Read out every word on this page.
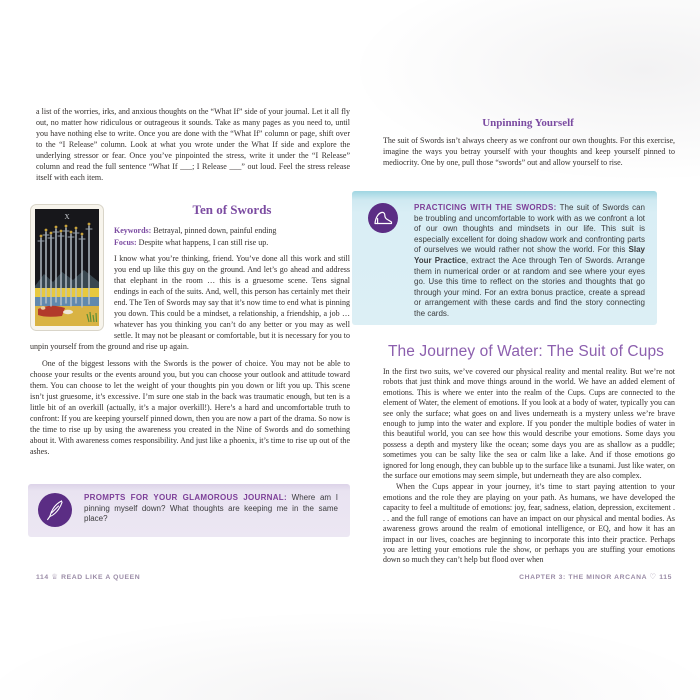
a list of the worries, irks, and anxious thoughts on the “What If” side of your journal. Let it all fly out, no matter how ridiculous or outrageous it sounds. Take as many pages as you need to, until you have nothing else to write. Once you are done with the “What If” column or page, shift over to the “I Release” column. Look at what you wrote under the What If side and explore the underlying stressor or fear. Once you’ve pinpointed the stress, write it under the “I Release” column and read the full sentence “What If ___; I Release ___” out loud. Feel the stress release itself with each item.

X	Ten of Swords

Keywords: Betrayal, pinned down, painful ending

Focus: Despite what happens, I can still rise up.

I know what you’re thinking, friend. You’ve done all this work and still you end up like this guy on the ground. And let’s go ahead and address that elephant in the room … this is a gruesome scene. Tens signal endings in each of the suits. And, well, this person has certainly met their end. The Ten of Swords may say that it’s now time to end what is pinning you down. This could be a mindset, a relationship, a friendship, a job … whatever has you thinking you can’t do any better or you may as well settle. It may not be pleasant or comfortable, but it is necessary for you to unpin yourself from the ground and rise up again.

One of the biggest lessons with the Swords is the power of choice. You may not be able to choose your results or the events around you, but you can choose your outlook and attitude toward them. You can choose to let the weight of your thoughts pin you down or lift you up. This scene isn’t just gruesome, it’s excessive. I’m sure one stab in the back was traumatic enough, but ten is a little bit of an overkill (actually, it’s a major overkill!). Here’s a hard and uncomfortable truth to confront: If you are keeping yourself pinned down, then you are now a part of the drama. So now is the time to rise up by using the awareness you created in the Nine of Swords and do something about it. With awareness comes responsibility. And just like a phoenix, it’s time to rise up out of the ashes.

PROMPTS FOR YOUR GLAMOROUS JOURNAL: Where am I pinning myself down? What thoughts are keeping me in the same place?

114 ♕ READ LIKE A QUEEN
Unpinning Yourself

The suit of Swords isn’t always cheery as we confront our own thoughts. For this exercise, imagine the ways you betray yourself with your thoughts and keep yourself pinned to mediocrity. One by one, pull those “swords” out and allow yourself to rise.

PRACTICING WITH THE SWORDS: The suit of Swords can be troubling and uncomfortable to work with as we confront a lot of our own thoughts and mindsets in our life. This suit is especially excellent for doing shadow work and confronting parts of ourselves we would rather not show the world. For this Slay Your Practice, extract the Ace through Ten of Swords. Arrange them in numerical order or at random and see where your eyes go. Use this time to reflect on the stories and thoughts that go through your mind. For an extra bonus practice, create a spread or arrangement with these cards and find the story connecting the cards.

The Journey of Water: The Suit of Cups

In the first two suits, we’ve covered our physical reality and mental reality. But we’re not robots that just think and move things around in the world. We have an added element of emotions. This is where we enter into the realm of the Cups. Cups are connected to the element of Water, the element of emotions. If you look at a body of water, typically you can see only the surface; what goes on and lives underneath is a mystery unless we’re brave enough to jump into the water and explore. If you ponder the multiple bodies of water in this beautiful world, you can see how this would describe your emotions. Some days you possess a depth and mystery like the ocean; some days you are as shallow as a puddle; sometimes you can be salty like the sea or calm like a lake. And if those emotions go ignored for long enough, they can bubble up to the surface like a tsunami. Just like water, on the surface our emotions may seem simple, but underneath they are also complex.

When the Cups appear in your journey, it’s time to start paying attention to your emotions and the role they are playing on your path. As humans, we have developed the capacity to feel a multitude of emotions: joy, fear, sadness, elation, depression, excitement . . . and the full range of emotions can have an impact on our physical and mental bodies. As awareness grows around the realm of emotional intelligence, or EQ, and how it has an impact in our lives, coaches are beginning to incorporate this into their practice. Perhaps you are letting your emotions rule the show, or perhaps you are stuffing your emotions down so much they can’t help but flood over when

CHAPTER 3: THE MINOR ARCANA ♡ 115
